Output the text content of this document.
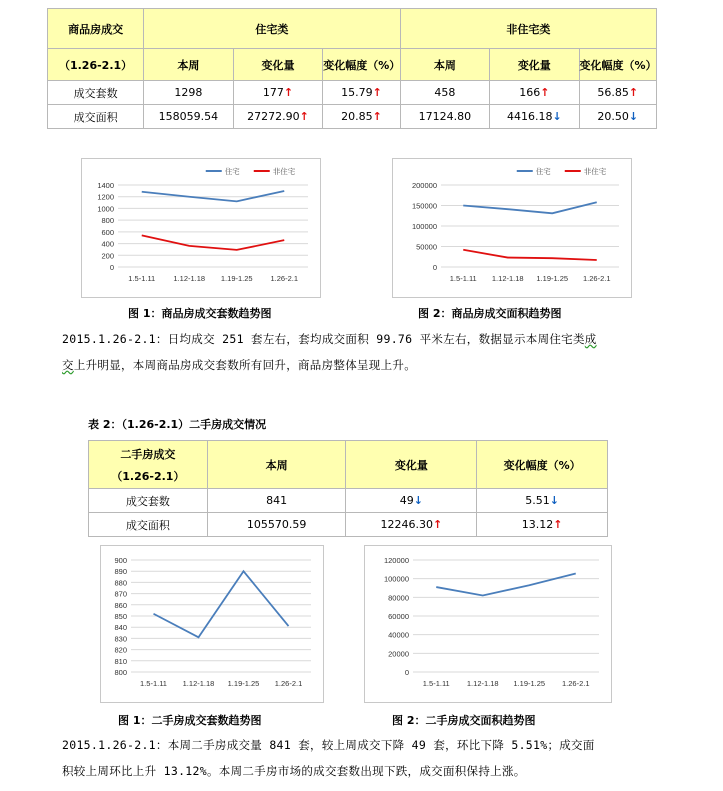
商品房成交	住宅类			非住宅类		
（1.26-2.1）	本周	变化量	变化幅度（%）	本周	变化量	变化幅度（%）
成交套数	1298	177↑	15.79↑	458	166↑	56.85↑
成交面积	158059.54	27272.90↑	20.85↑	17124.80	4416.18↓	20.50↓
0
200
400
600
800
1000
1200
1400
1.5-1.11 1.12-1.18 1.19-1.25 1.26-2.1
住宅	非住宅
0
50000
100000
150000
200000
1.5-1.11 1.12-1.18 1.19-1.25 1.26-2.1
住宅	非住宅
图 1：商品房成交套数趋势图	图 2：商品房成交面积趋势图
2015.1.26-2.1：日均成交 251 套左右，套均成交面积 99.76 平米左右，数据显示本周住宅类成
交上升明显，本周商品房成交套数所有回升，商品房整体呈现上升。
表 2：（1.26-2.1）二手房成交情况
二手房成交
（1.26-2.1）	本周	变化量	变化幅度（%）
成交套数	841	49↓	5.51↓
成交面积	105570.59	12246.30↑	13.12↑
800
810
820
830
840
850
860
870
880
890
900
1.5-1.11 1.12-1.18 1.19-1.25 1.26-2.1
0
20000
40000
60000
80000
100000
120000
1.5-1.11 1.12-1.18 1.19-1.25 1.26-2.1
图 1：二手房成交套数趋势图	图 2：二手房成交面积趋势图
2015.1.26-2.1：本周二手房成交量 841 套，较上周成交下降 49 套，环比下降 5.51%；成交面
积较上周环比上升 13.12%。本周二手房市场的成交套数出现下跌，成交面积保持上涨。
